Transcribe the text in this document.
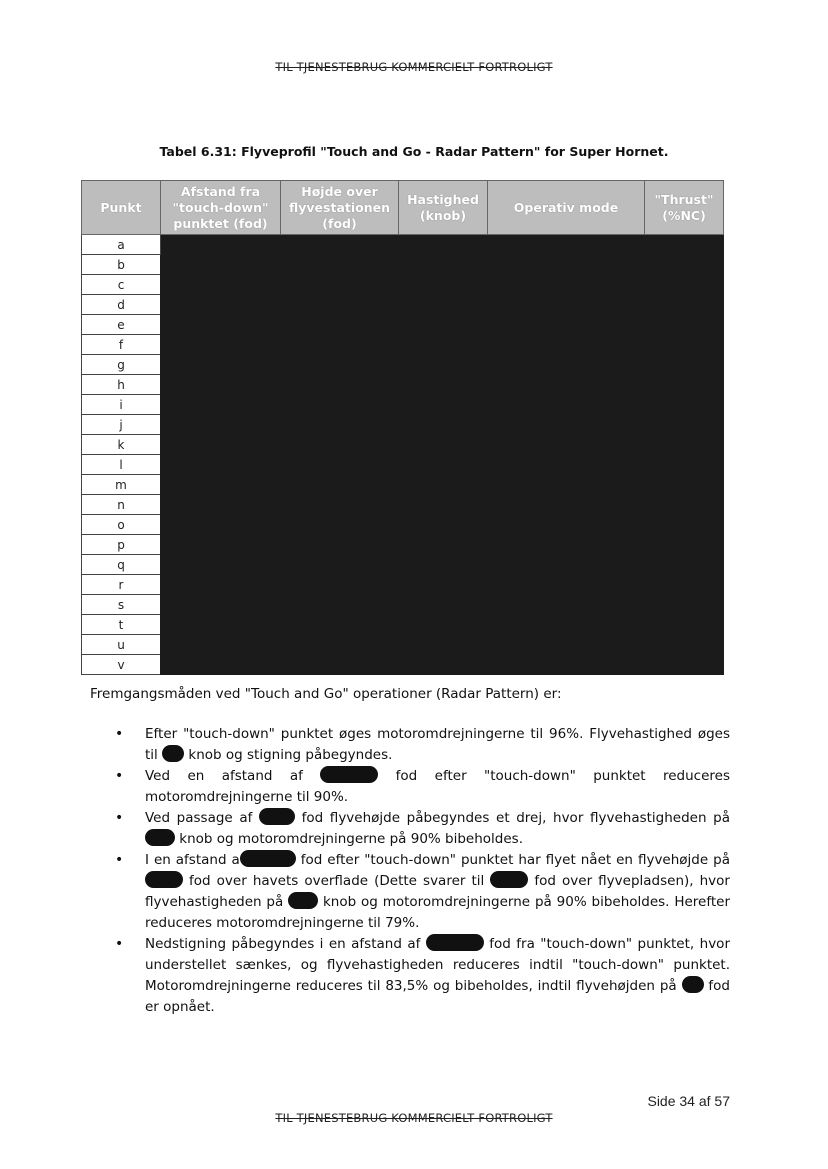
TIL TJENESTEBRUG KOMMERCIELT FORTROLIGT
Tabel 6.31: Flyveprofil "Touch and Go - Radar Pattern" for Super Hornet.
Punkt	Afstand fra "touch-down" punktet (fod)	Højde over flyvestationen (fod)	Hastighed (knob)	Operativ mode	"Thrust" (%NC)
a					
b					
c					
d					
e					
f					
g					
h					
i					
j					
k					
l					
m					
n					
o					
p					
q					
r					
s					
t					
u					
v					
Fremgangsmåden ved "Touch and Go" operationer (Radar Pattern) er:
• Efter "touch-down" punktet øges motoromdrejningerne til 96%. Flyvehastighed øges til  knob og stigning påbegyndes.
• Ved en afstand af	fod efter "touch-down" punktet reduceres motoromdrejningerne til 90%.
• Ved passage af	fod flyvehøjde påbegyndes et drej, hvor flyvehastigheden på  knob og motoromdrejningerne på 90% bibeholdes.
• I en afstand a	fod efter "touch-down" punktet har flyet nået en flyvehøjde på  fod over havets overflade (Dette svarer til	fod over flyvepladsen), hvor flyvehastigheden på  knob og motoromdrejningerne på 90% bibeholdes. Herefter reduceres motoromdrejningerne til 79%.
• Nedstigning påbegyndes i en afstand af	fod fra "touch-down" punktet, hvor understellet sænkes, og flyvehastigheden reduceres indtil "touch-down" punktet. Motoromdrejningerne reduceres til 83,5% og bibeholdes, indtil flyvehøjden på  fod er opnået.
Side 34 af 57
TIL TJENESTEBRUG KOMMERCIELT FORTROLIGT
